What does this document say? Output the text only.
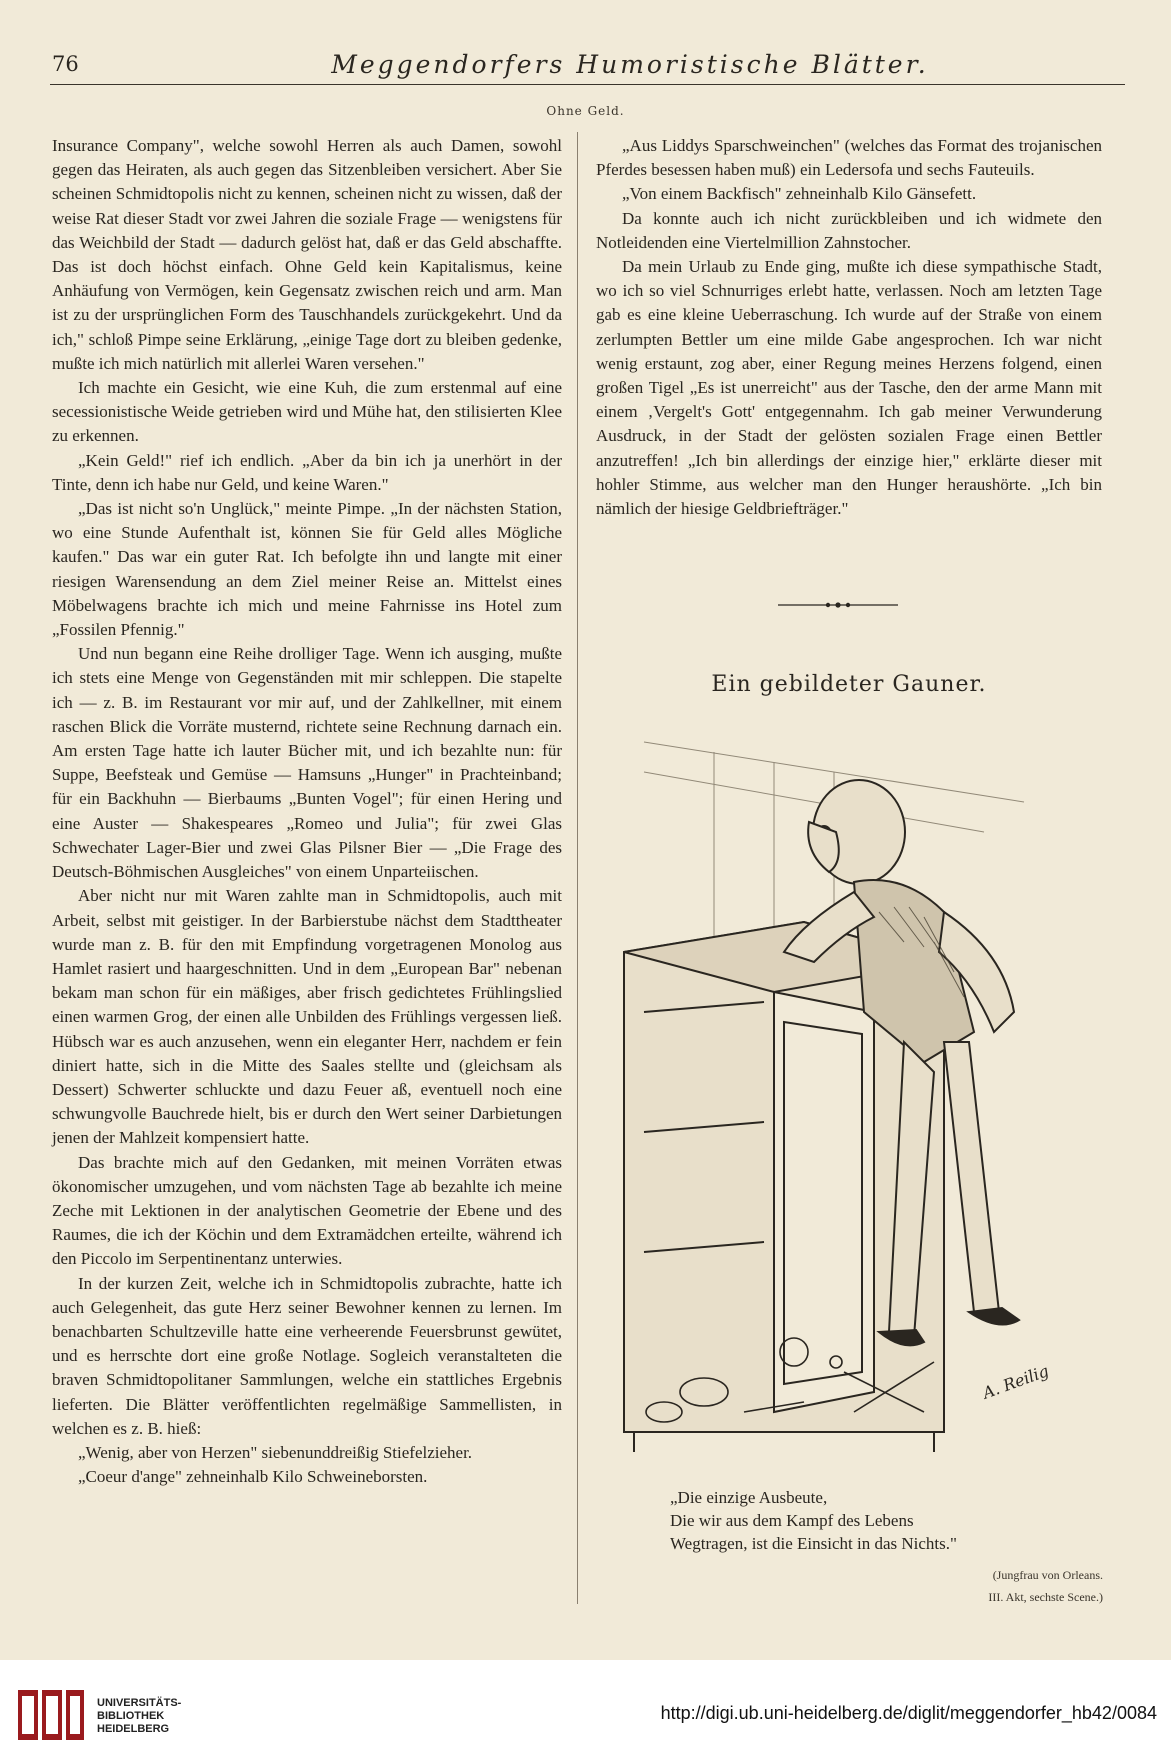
76	Meggendorfers Humoristische Blätter.
Ohne Geld.

Insurance Company", welche sowohl Herren als auch Damen, sowohl gegen das Heiraten, als auch gegen das Sitzenbleiben versichert. Aber Sie scheinen Schmidtopolis nicht zu kennen, scheinen nicht zu wissen, daß der weise Rat dieser Stadt vor zwei Jahren die soziale Frage — wenigstens für das Weichbild der Stadt — dadurch gelöst hat, daß er das Geld abschaffte. Das ist doch höchst einfach. Ohne Geld kein Kapitalismus, keine Anhäufung von Vermögen, kein Gegensatz zwischen reich und arm. Man ist zu der ursprünglichen Form des Tauschhandels zurückgekehrt. Und da ich," schloß Pimpe seine Erklärung, „einige Tage dort zu bleiben gedenke, mußte ich mich natürlich mit allerlei Waren versehen."

Ich machte ein Gesicht, wie eine Kuh, die zum erstenmal auf eine secessionistische Weide getrieben wird und Mühe hat, den stilisierten Klee zu erkennen.

„Kein Geld!" rief ich endlich. „Aber da bin ich ja unerhört in der Tinte, denn ich habe nur Geld, und keine Waren."

„Das ist nicht so'n Unglück," meinte Pimpe. „In der nächsten Station, wo eine Stunde Aufenthalt ist, können Sie für Geld alles Mögliche kaufen." Das war ein guter Rat. Ich befolgte ihn und langte mit einer riesigen Warensendung an dem Ziel meiner Reise an. Mittelst eines Möbelwagens brachte ich mich und meine Fahrnisse ins Hotel zum „Fossilen Pfennig."

Und nun begann eine Reihe drolliger Tage. Wenn ich ausging, mußte ich stets eine Menge von Gegenständen mit mir schleppen. Die stapelte ich — z. B. im Restaurant vor mir auf, und der Zahlkellner, mit einem raschen Blick die Vorräte musternd, richtete seine Rechnung darnach ein. Am ersten Tage hatte ich lauter Bücher mit, und ich bezahlte nun: für Suppe, Beefsteak und Gemüse — Hamsuns „Hunger" in Prachteinband; für ein Backhuhn — Bierbaums „Bunten Vogel"; für einen Hering und eine Auster — Shakespeares „Romeo und Julia"; für zwei Glas Schwechater Lager-Bier und zwei Glas Pilsner Bier — „Die Frage des Deutsch-Böhmischen Ausgleiches" von einem Unparteiischen.

Aber nicht nur mit Waren zahlte man in Schmidtopolis, auch mit Arbeit, selbst mit geistiger. In der Barbierstube nächst dem Stadttheater wurde man z. B. für den mit Empfindung vorgetragenen Monolog aus Hamlet rasiert und haargeschnitten. Und in dem „European Bar" nebenan bekam man schon für ein mäßiges, aber frisch gedichtetes Frühlingslied einen warmen Grog, der einen alle Unbilden des Frühlings vergessen ließ. Hübsch war es auch anzusehen, wenn ein eleganter Herr, nachdem er fein diniert hatte, sich in die Mitte des Saales stellte und (gleichsam als Dessert) Schwerter schluckte und dazu Feuer aß, eventuell noch eine schwungvolle Bauchrede hielt, bis er durch den Wert seiner Darbietungen jenen der Mahlzeit kompensiert hatte.

Das brachte mich auf den Gedanken, mit meinen Vorräten etwas ökonomischer umzugehen, und vom nächsten Tage ab bezahlte ich meine Zeche mit Lektionen in der analytischen Geometrie der Ebene und des Raumes, die ich der Köchin und dem Extramädchen erteilte, während ich den Piccolo im Serpentinentanz unterwies.

In der kurzen Zeit, welche ich in Schmidtopolis zubrachte, hatte ich auch Gelegenheit, das gute Herz seiner Bewohner kennen zu lernen. Im benachbarten Schultzeville hatte eine verheerende Feuersbrunst gewütet, und es herrschte dort eine große Notlage. Sogleich veranstalteten die braven Schmidtopolitaner Sammlungen, welche ein stattliches Ergebnis lieferten. Die Blätter veröffentlichten regelmäßige Sammellisten, in welchen es z. B. hieß:

„Wenig, aber von Herzen" siebenunddreißig Stiefelzieher.

„Coeur d'ange" zehneinhalb Kilo Schweineborsten.

„Aus Liddys Sparschweinchen" (welches das Format des trojanischen Pferdes besessen haben muß) ein Ledersofa und sechs Fauteuils.

„Von einem Backfisch" zehneinhalb Kilo Gänsefett.

Da konnte auch ich nicht zurückbleiben und ich widmete den Notleidenden eine Viertelmillion Zahnstocher.

Da mein Urlaub zu Ende ging, mußte ich diese sympathische Stadt, wo ich so viel Schnurriges erlebt hatte, verlassen. Noch am letzten Tage gab es eine kleine Ueberraschung. Ich wurde auf der Straße von einem zerlumpten Bettler um eine milde Gabe angesprochen. Ich war nicht wenig erstaunt, zog aber, einer Regung meines Herzens folgend, einen großen Tigel „Es ist unerreicht" aus der Tasche, den der arme Mann mit einem ‚Vergelt's Gott' entgegennahm. Ich gab meiner Verwunderung Ausdruck, in der Stadt der gelösten sozialen Frage einen Bettler anzutreffen! „Ich bin allerdings der einzige hier," erklärte dieser mit hohler Stimme, aus welcher man den Hunger heraushörte. „Ich bin nämlich der hiesige Geldbriefträger."

Ein gebildeter Gauner.
A. Reilig

„Die einzige Ausbeute,

Die wir aus dem Kampf des Lebens

Wegtragen, ist die Einsicht in das Nichts."

(Jungfrau von Orleans.

III. Akt, sechste Scene.)

UNIVERSITÄTS-
BIBLIOTHEK
HEIDELBERG
http://digi.ub.uni-heidelberg.de/diglit/meggendorfer_hb42/0084
